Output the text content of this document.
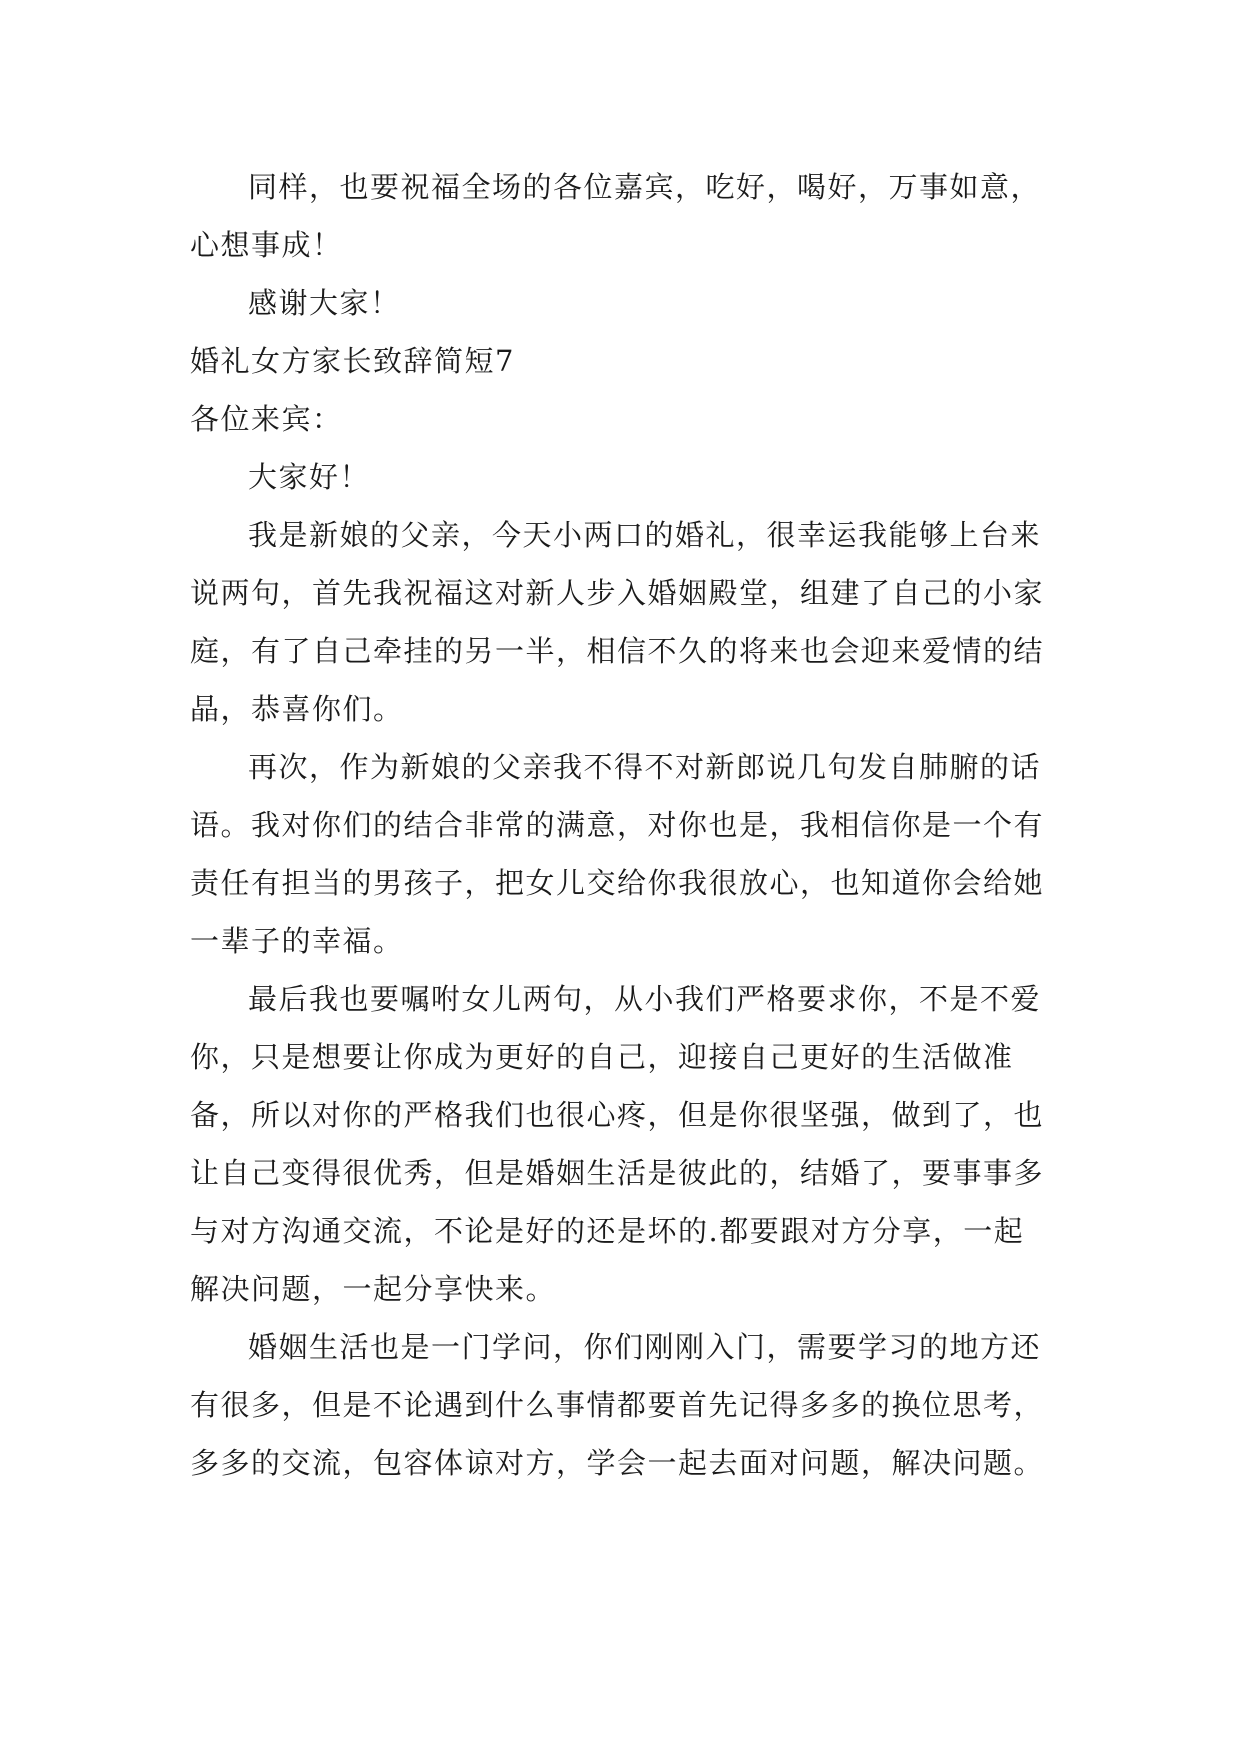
同样，也要祝福全场的各位嘉宾，吃好，喝好，万事如意，心想事成！

感谢大家！

婚礼女方家长致辞简短7

各位来宾：

大家好！

我是新娘的父亲，今天小两口的婚礼，很幸运我能够上台来说两句，首先我祝福这对新人步入婚姻殿堂，组建了自己的小家庭，有了自己牵挂的另一半，相信不久的将来也会迎来爱情的结晶，恭喜你们。

再次，作为新娘的父亲我不得不对新郎说几句发自肺腑的话语。我对你们的结合非常的满意，对你也是，我相信你是一个有责任有担当的男孩子，把女儿交给你我很放心，也知道你会给她一辈子的幸福。

最后我也要嘱咐女儿两句，从小我们严格要求你，不是不爱你，只是想要让你成为更好的自己，迎接自己更好的生活做准备，所以对你的严格我们也很心疼，但是你很坚强，做到了，也让自己变得很优秀，但是婚姻生活是彼此的，结婚了，要事事多与对方沟通交流，不论是好的还是坏的.都要跟对方分享，一起解决问题，一起分享快来。

婚姻生活也是一门学问，你们刚刚入门，需要学习的地方还有很多，但是不论遇到什么事情都要首先记得多多的换位思考，多多的交流，包容体谅对方，学会一起去面对问题，解决问题。
